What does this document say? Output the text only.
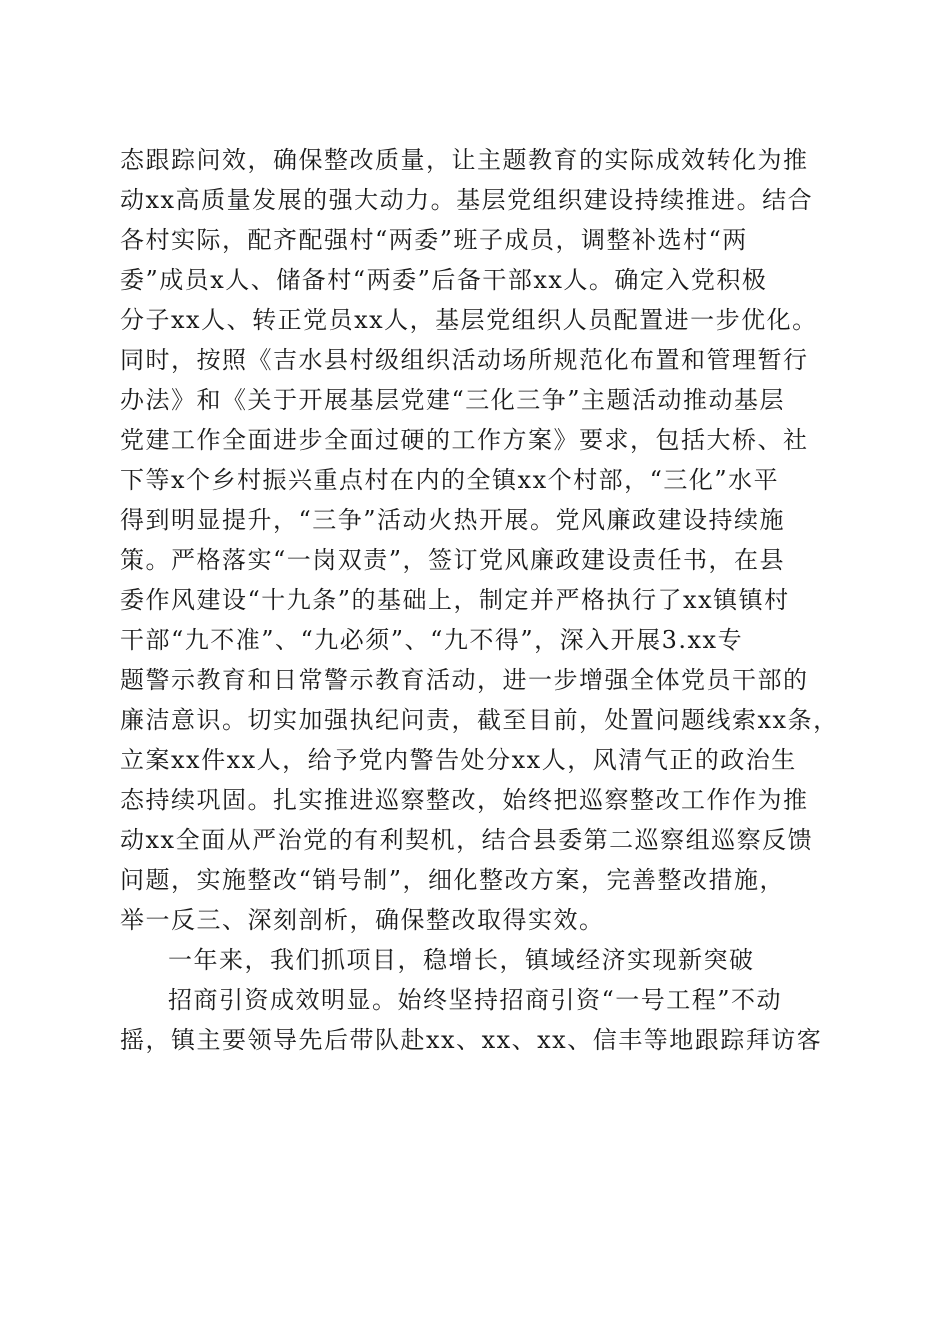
态跟踪问效，确保整改质量，让主题教育的实际成效转化为推
动xx高质量发展的强大动力。基层党组织建设持续推进。结合
各村实际，配齐配强村“两委”班子成员，调整补选村“两
委”成员x人、储备村“两委”后备干部xx人。确定入党积极
分子xx人、转正党员xx人，基层党组织人员配置进一步优化。
同时，按照《吉水县村级组织活动场所规范化布置和管理暂行
办法》和《关于开展基层党建“三化三争”主题活动推动基层
党建工作全面进步全面过硬的工作方案》要求，包括大桥、社
下等x个乡村振兴重点村在内的全镇xx个村部，“三化”水平
得到明显提升，“三争”活动火热开展。党风廉政建设持续施
策。严格落实“一岗双责”，签订党风廉政建设责任书，在县
委作风建设“十九条”的基础上，制定并严格执行了xx镇镇村
干部“九不准”、“九必须”、“九不得”，深入开展3.xx专
题警示教育和日常警示教育活动，进一步增强全体党员干部的
廉洁意识。切实加强执纪问责，截至目前，处置问题线索xx条，
立案xx件xx人，给予党内警告处分xx人，风清气正的政治生
态持续巩固。扎实推进巡察整改，始终把巡察整改工作作为推
动xx全面从严治党的有利契机，结合县委第二巡察组巡察反馈
问题，实施整改“销号制”，细化整改方案，完善整改措施，
举一反三、深刻剖析，确保整改取得实效。
一年来，我们抓项目，稳增长，镇域经济实现新突破
招商引资成效明显。始终坚持招商引资“一号工程”不动
摇，镇主要领导先后带队赴xx、xx、xx、信丰等地跟踪拜访客
